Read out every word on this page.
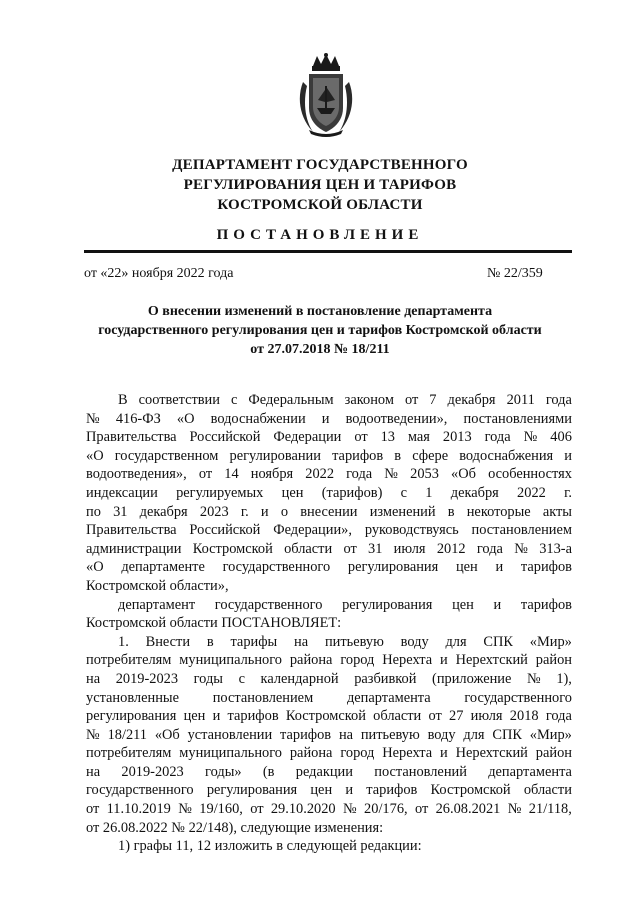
ДЕПАРТАМЕНТ ГОСУДАРСТВЕННОГО
РЕГУЛИРОВАНИЯ ЦЕН И ТАРИФОВ
КОСТРОМСКОЙ ОБЛАСТИ
ПОСТАНОВЛЕНИЕ
от «22» ноября 2022 года	№ 22/359
О внесении изменений в постановление департамента
государственного регулирования цен и тарифов Костромской области
от 27.07.2018 № 18/211
В соответствии с Федеральным законом от 7 декабря 2011 года
№ 416-ФЗ «О водоснабжении и водоотведении», постановлениями
Правительства Российской Федерации от 13 мая 2013 года № 406
«О государственном регулировании тарифов в сфере водоснабжения и
водоотведения», от 14 ноября 2022 года № 2053 «Об особенностях
индексации регулируемых цен (тарифов) с 1 декабря 2022 г.
по 31 декабря 2023 г. и о внесении изменений в некоторые акты
Правительства Российской Федерации», руководствуясь постановлением
администрации Костромской области от 31 июля 2012 года № 313-а
«О департаменте государственного регулирования цен и тарифов
Костромской области»,
департамент государственного регулирования цен и тарифов
Костромской области ПОСТАНОВЛЯЕТ:
1. Внести в тарифы на питьевую воду для СПК «Мир»
потребителям муниципального района город Нерехта и Нерехтский район
на 2019-2023 годы с календарной разбивкой (приложение № 1),
установленные постановлением департамента государственного
регулирования цен и тарифов Костромской области от 27 июля 2018 года
№ 18/211 «Об установлении тарифов на питьевую воду для СПК «Мир»
потребителям муниципального района город Нерехта и Нерехтский район
на 2019-2023 годы» (в редакции постановлений департамента
государственного регулирования цен и тарифов Костромской области
от 11.10.2019 № 19/160, от 29.10.2020 № 20/176, от 26.08.2021 № 21/118,
от 26.08.2022 № 22/148), следующие изменения:
1) графы 11, 12 изложить в следующей редакции:
